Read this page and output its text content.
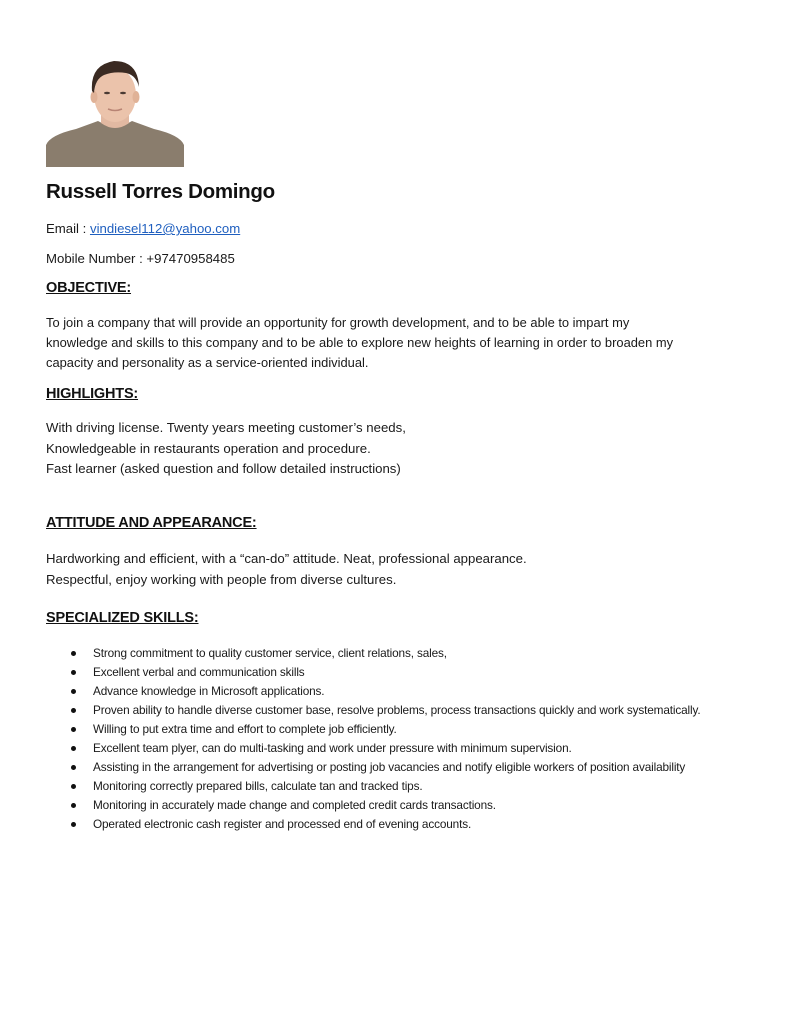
Russell Torres Domingo
Email : vindiesel112@yahoo.com
Mobile Number : +97470958485
OBJECTIVE:
To join a company that will provide an opportunity for growth development, and to be able to impart my
knowledge and skills to this company and to be able to explore new heights of learning in order to broaden my
capacity and personality as a service-oriented individual.
HIGHLIGHTS:
With driving license. Twenty years meeting customer’s needs,
Knowledgeable in restaurants operation and procedure.
Fast learner (asked question and follow detailed instructions)
ATTITUDE AND APPEARANCE:
Hardworking and efficient, with a “can-do” attitude. Neat, professional appearance.
Respectful, enjoy working with people from diverse cultures.
SPECIALIZED SKILLS:
Strong commitment to quality customer service, client relations, sales,
Excellent verbal and communication skills
Advance knowledge in Microsoft applications.
Proven ability to handle diverse customer base, resolve problems, process transactions quickly and work systematically.
Willing to put extra time and effort to complete job efficiently.
Excellent team plyer, can do multi-tasking and work under pressure with minimum supervision.
Assisting in the arrangement for advertising or posting job vacancies and notify eligible workers of position availability
Monitoring correctly prepared bills, calculate tan and tracked tips.
Monitoring in accurately made change and completed credit cards transactions.
Operated electronic cash register and processed end of evening accounts.
